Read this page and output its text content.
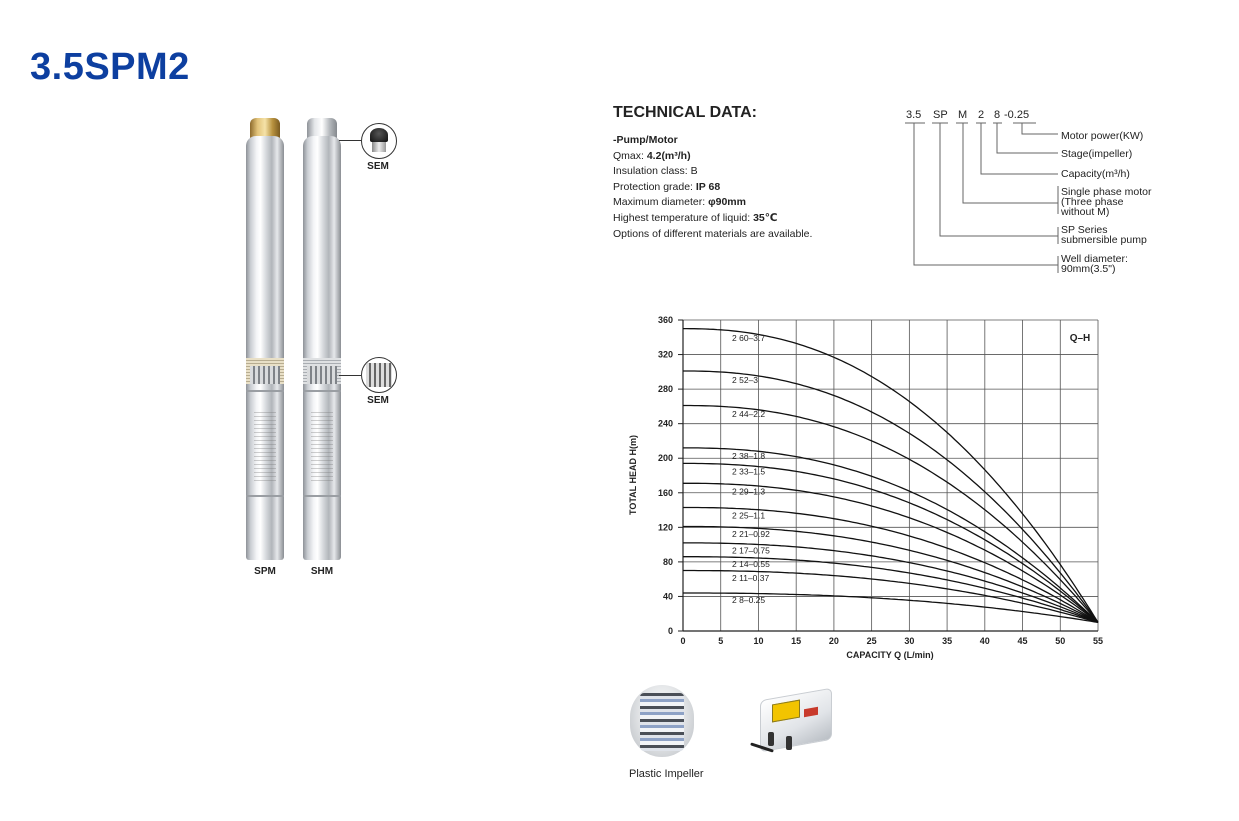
3.5SPM2
SPM	SHM
SEM
SEM
TECHNICAL DATA:
-Pump/Motor
Qmax: 4.2(m³/h)
Insulation class: B
Protection grade: IP 68
Maximum diameter: φ90mm
Highest temperature of liquid: 35℃
Options of different materials are available.
3.5 SP M 2 8 -0.25
Motor power(KW)
Stage(impeller)
Capacity(m³/h)
Single phase motor
(Three phase
without M)
SP Series
submersible pump
Well diameter:
90mm(3.5")
0	5	10	15	20	25	30	35	40	45	50	55
0
40
80
120
160
200
240
280
320
360
2 60–3.7
2 52–3
2 44–2.2
2 38–1.8
2 33–1.5
2 29–1.3
2 25–1.1
2 21–0.92
2 17–0.75
2 14–0.55
2 11–0.37
2 8–0.25
Q–H
CAPACITY Q (L/min)
TOTAL HEAD H(m)
Plastic Impeller
